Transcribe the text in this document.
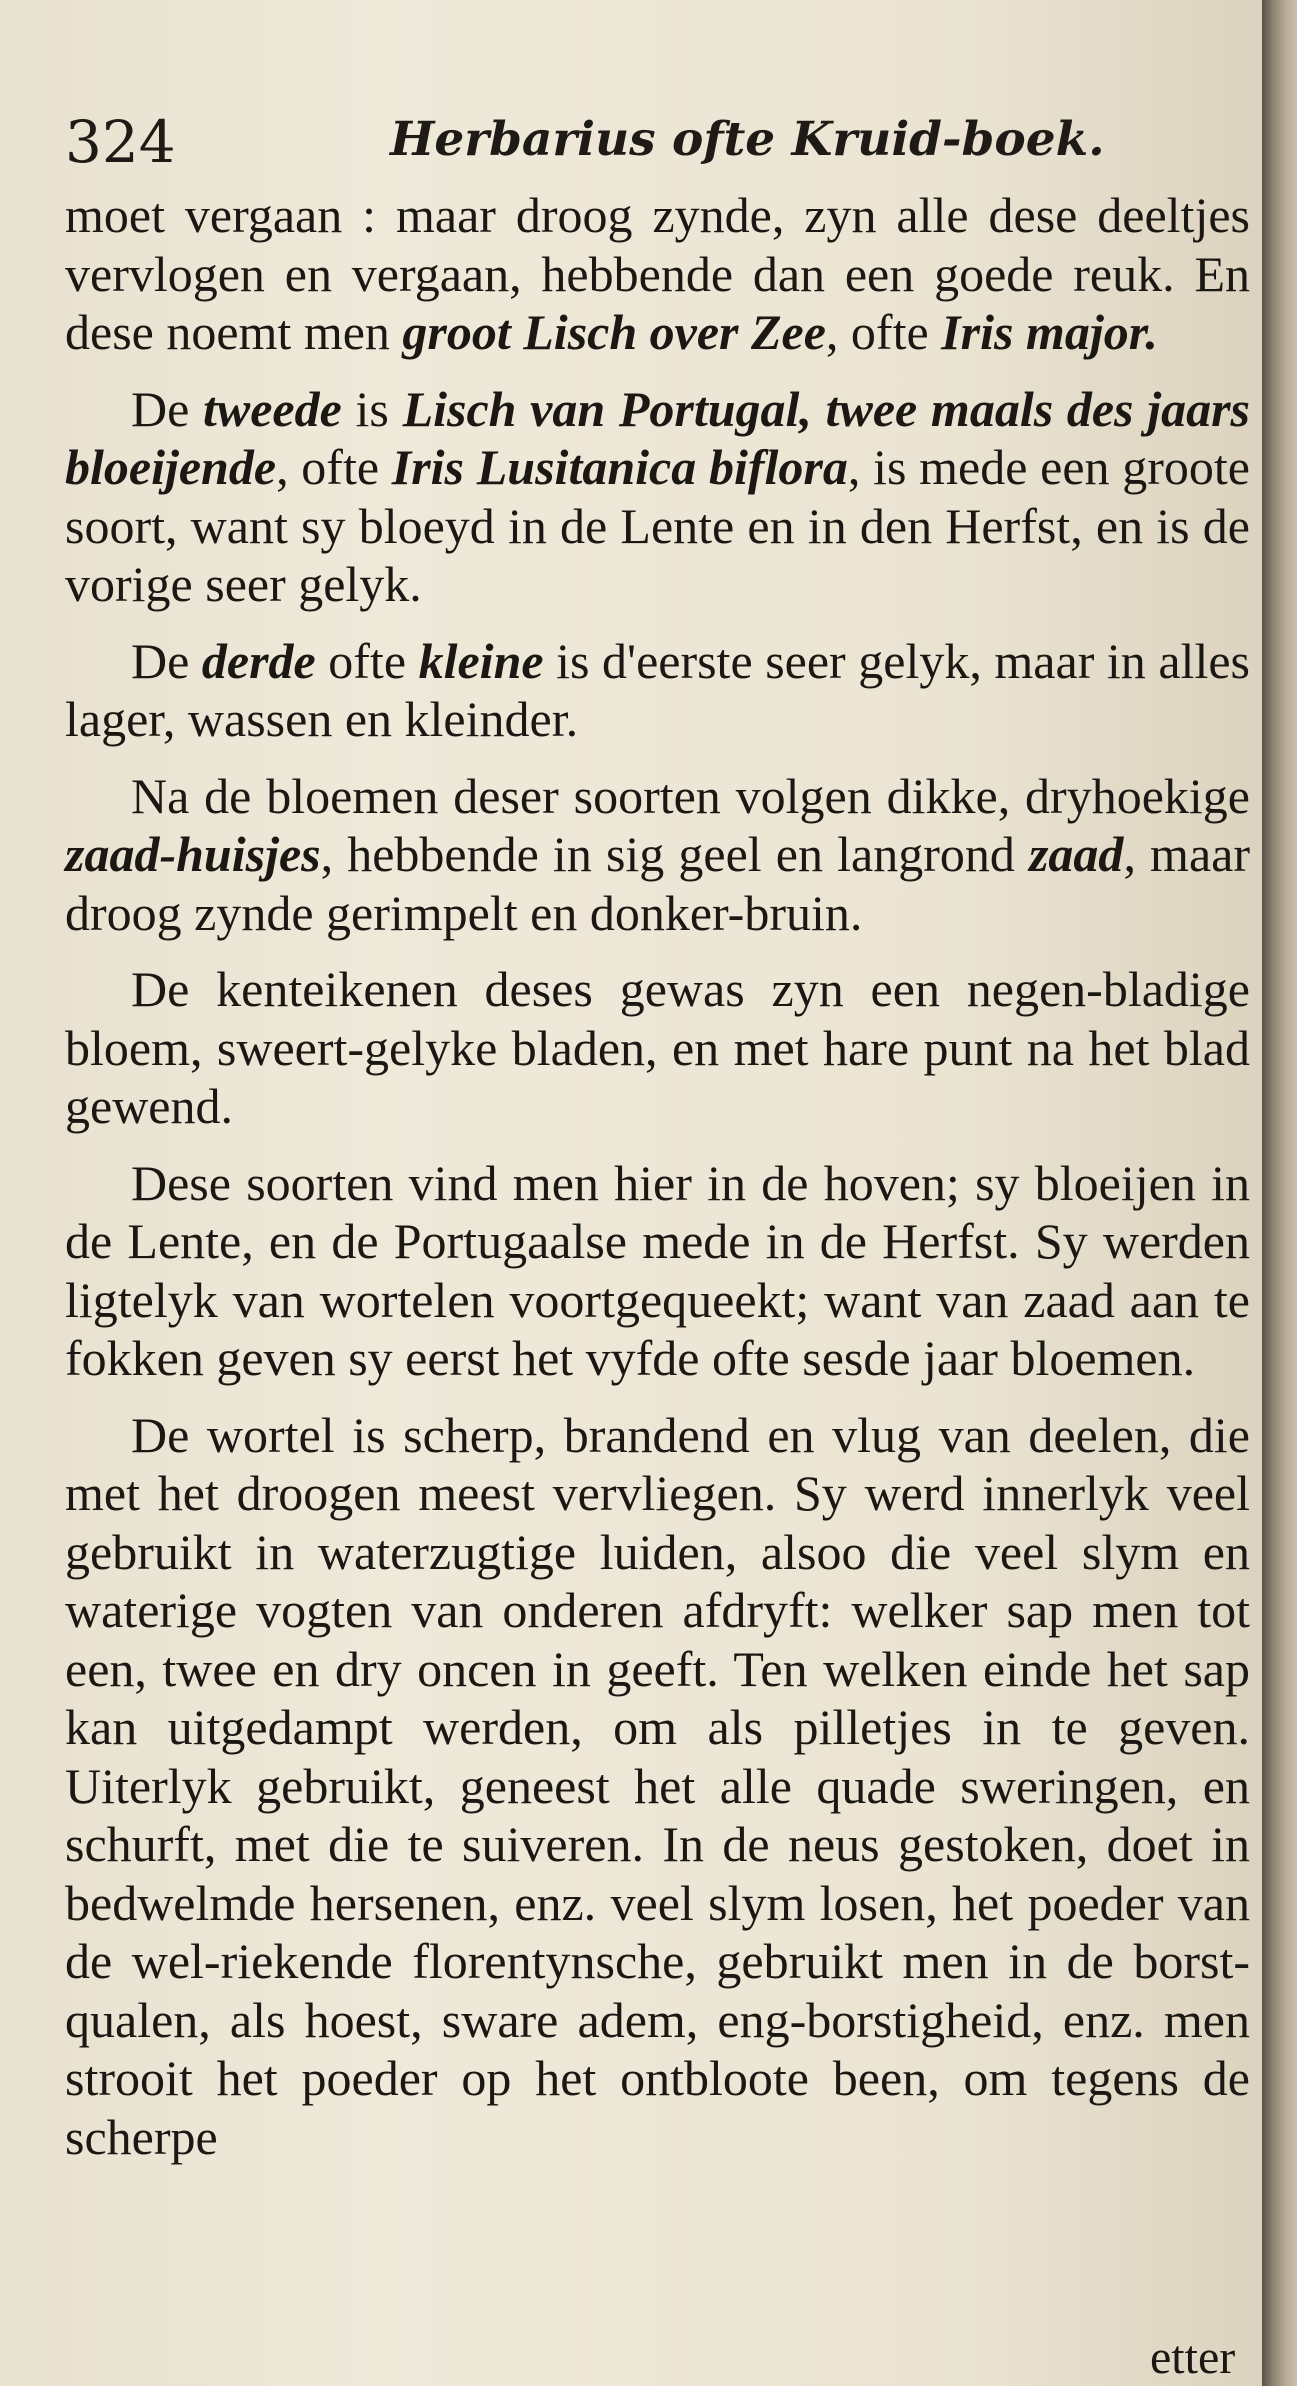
324	Herbarius ofte Kruid-boek.

moet vergaan : maar droog zynde, zyn alle dese deeltjes vervlogen en vergaan, hebbende dan een goede reuk. En dese noemt men groot Lisch over Zee, ofte Iris major.

De tweede is Lisch van Portugal, twee maals des jaars bloeijende, ofte Iris Lusitanica biflora, is mede een groote soort, want sy bloeyd in de Lente en in den Herfst, en is de vorige seer gelyk.

De derde ofte kleine is d'eerste seer gelyk, maar in alles lager, wassen en kleinder.

Na de bloemen deser soorten volgen dikke, dryhoekige zaad-huisjes, hebbende in sig geel en langrond zaad, maar droog zynde gerimpelt en donker-bruin.

De kenteikenen deses gewas zyn een negen-bladige bloem, sweert-gelyke bladen, en met hare punt na het blad gewend.

Dese soorten vind men hier in de hoven; sy bloeijen in de Lente, en de Portugaalse mede in de Herfst. Sy werden ligtelyk van wortelen voortgequeekt; want van zaad aan te fokken geven sy eerst het vyfde ofte sesde jaar bloemen.

De wortel is scherp, brandend en vlug van deelen, die met het droogen meest vervliegen. Sy werd innerlyk veel gebruikt in waterzugtige luiden, alsoo die veel slym en waterige vogten van onderen afdryft: welker sap men tot een, twee en dry oncen in geeft. Ten welken einde het sap kan uitgedampt werden, om als pilletjes in te geven. Uiterlyk gebruikt, geneest het alle quade sweringen, en schurft, met die te suiveren. In de neus gestoken, doet in bedwelmde hersenen, enz. veel slym losen, het poeder van de wel-riekende florentynsche, gebruikt men in de borst-qualen, als hoest, sware adem, eng-borstigheid, enz. men strooit het poeder op het ontbloote been, om tegens de scherpe

etter
